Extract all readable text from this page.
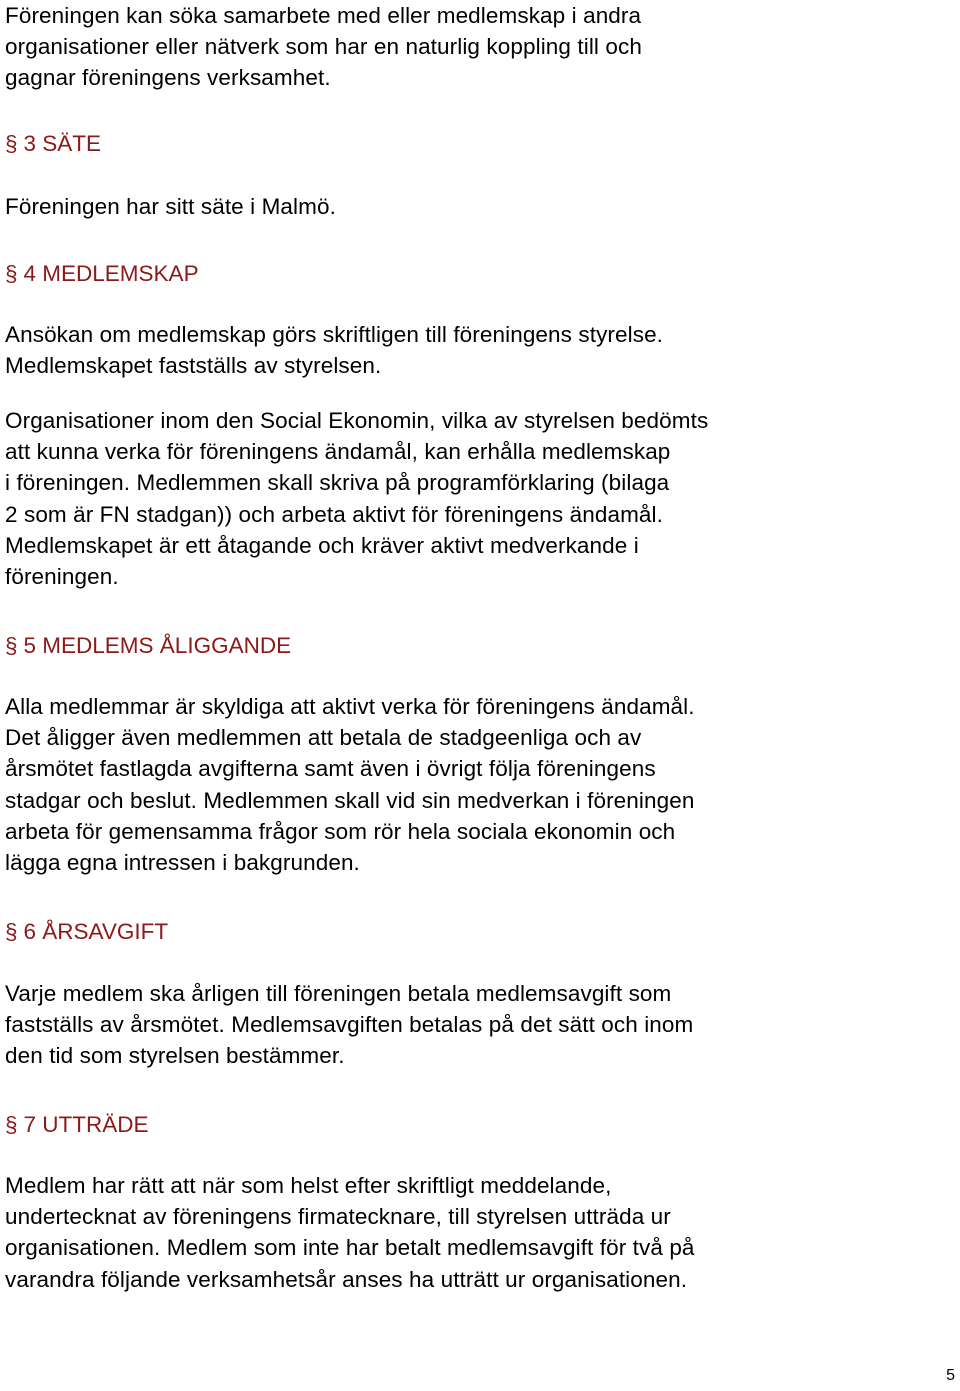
Föreningen kan söka samarbete med eller medlemskap i andra
organisationer eller nätverk som har en naturlig koppling till och
gagnar föreningens verksamhet.
§ 3 SÄTE
Föreningen har sitt säte i Malmö.
§ 4 MEDLEMSKAP
Ansökan om medlemskap görs skriftligen till föreningens styrelse.
Medlemskapet fastställs av styrelsen.
Organisationer inom den Social Ekonomin, vilka av styrelsen bedömts
att kunna verka för föreningens ändamål, kan erhålla medlemskap
i föreningen. Medlemmen skall skriva på programförklaring (bilaga
2 som är FN stadgan)) och arbeta aktivt för föreningens ändamål.
Medlemskapet är ett åtagande och kräver aktivt medverkande i
föreningen.
§ 5 MEDLEMS ÅLIGGANDE
Alla medlemmar är skyldiga att aktivt verka för föreningens ändamål.
Det åligger även medlemmen att betala de stadgeenliga och av
årsmötet fastlagda avgifterna samt även i övrigt följa föreningens
stadgar och beslut. Medlemmen skall vid sin medverkan i föreningen
arbeta för gemensamma frågor som rör hela sociala ekonomin och
lägga egna intressen i bakgrunden.
§ 6 ÅRSAVGIFT
Varje medlem ska årligen till föreningen betala medlemsavgift som
fastställs av årsmötet. Medlemsavgiften betalas på det sätt och inom
den tid som styrelsen bestämmer.
§ 7 UTTRÄDE
Medlem har rätt att när som helst efter skriftligt meddelande,
undertecknat av föreningens firmatecknare, till styrelsen utträda ur
organisationen. Medlem som inte har betalt medlemsavgift för två på
varandra följande verksamhetsår anses ha utträtt ur organisationen.
5
